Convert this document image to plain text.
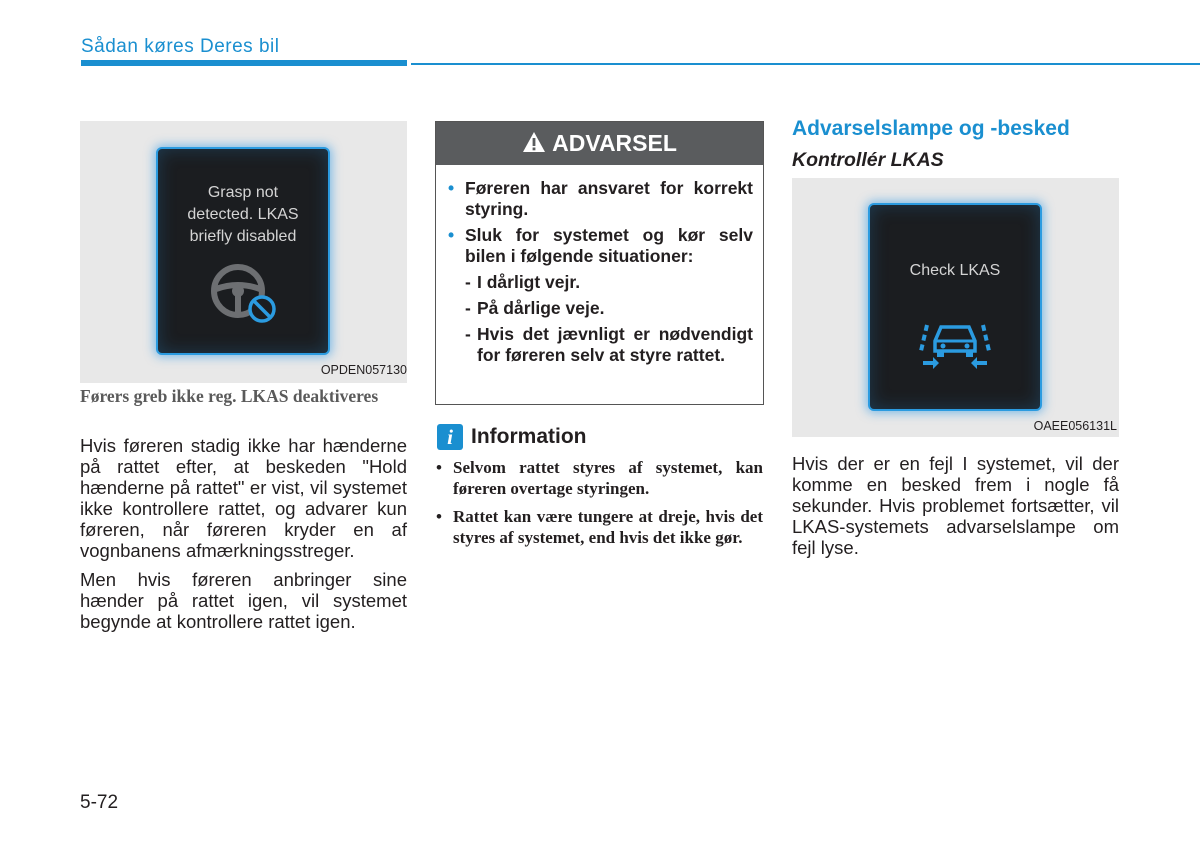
Sådan køres Deres bil
Grasp not
detected. LKAS
briefly disabled
OPDEN057130
Førers greb ikke reg. LKAS deaktiveres

Hvis føreren stadig ikke har hænderne på rattet efter, at beskeden "Hold hænderne på rattet" er vist, vil systemet ikke kontrollere rattet, og advarer kun føreren, når føreren kryder en af vognbanens afmærkningsstreger.

Men hvis føreren anbringer sine hænder på rattet igen, vil systemet begynde at kontrollere rattet igen.

ADVARSEL
• Føreren har ansvaret for korrekt styring.
• Sluk for systemet og kør selv bilen i følgende situationer:
- I dårligt vejr.
- På dårlige veje.
- Hvis det jævnligt er nødvendigt for føreren selv at styre rattet.
i Information
• Selvom rattet styres af systemet, kan føreren overtage styringen.
• Rattet kan være tungere at dreje, hvis det styres af systemet, end hvis det ikke gør.
Advarselslampe og -besked
Kontrollér LKAS
Check LKAS
OAEE056131L

Hvis der er en fejl I systemet, vil der komme en besked frem i nogle få sekunder. Hvis problemet fortsætter, vil LKAS-systemets advarselslampe om fejl lyse.

5-72
